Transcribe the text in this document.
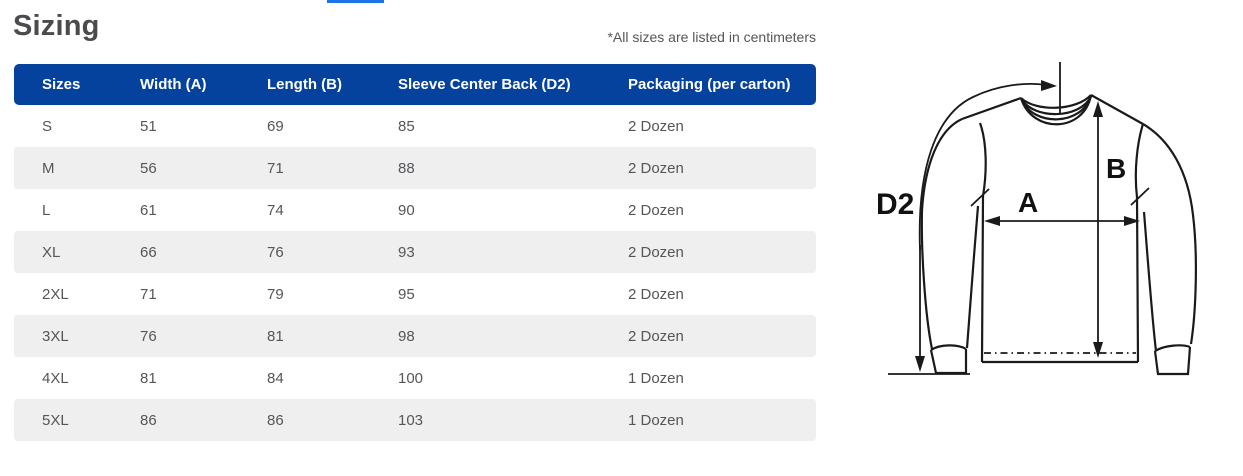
Sizing	*All sizes are listed in centimeters
Sizes	Width (A)	Length (B)	Sleeve Center Back (D2)	Packaging (per carton)
S	51	69	85	2 Dozen
M	56	71	88	2 Dozen
L	61	74	90	2 Dozen
XL	66	76	93	2 Dozen
2XL	71	79	95	2 Dozen
3XL	76	81	98	2 Dozen
4XL	81	84	100	1 Dozen
5XL	86	86	103	1 Dozen
D2	A
B
